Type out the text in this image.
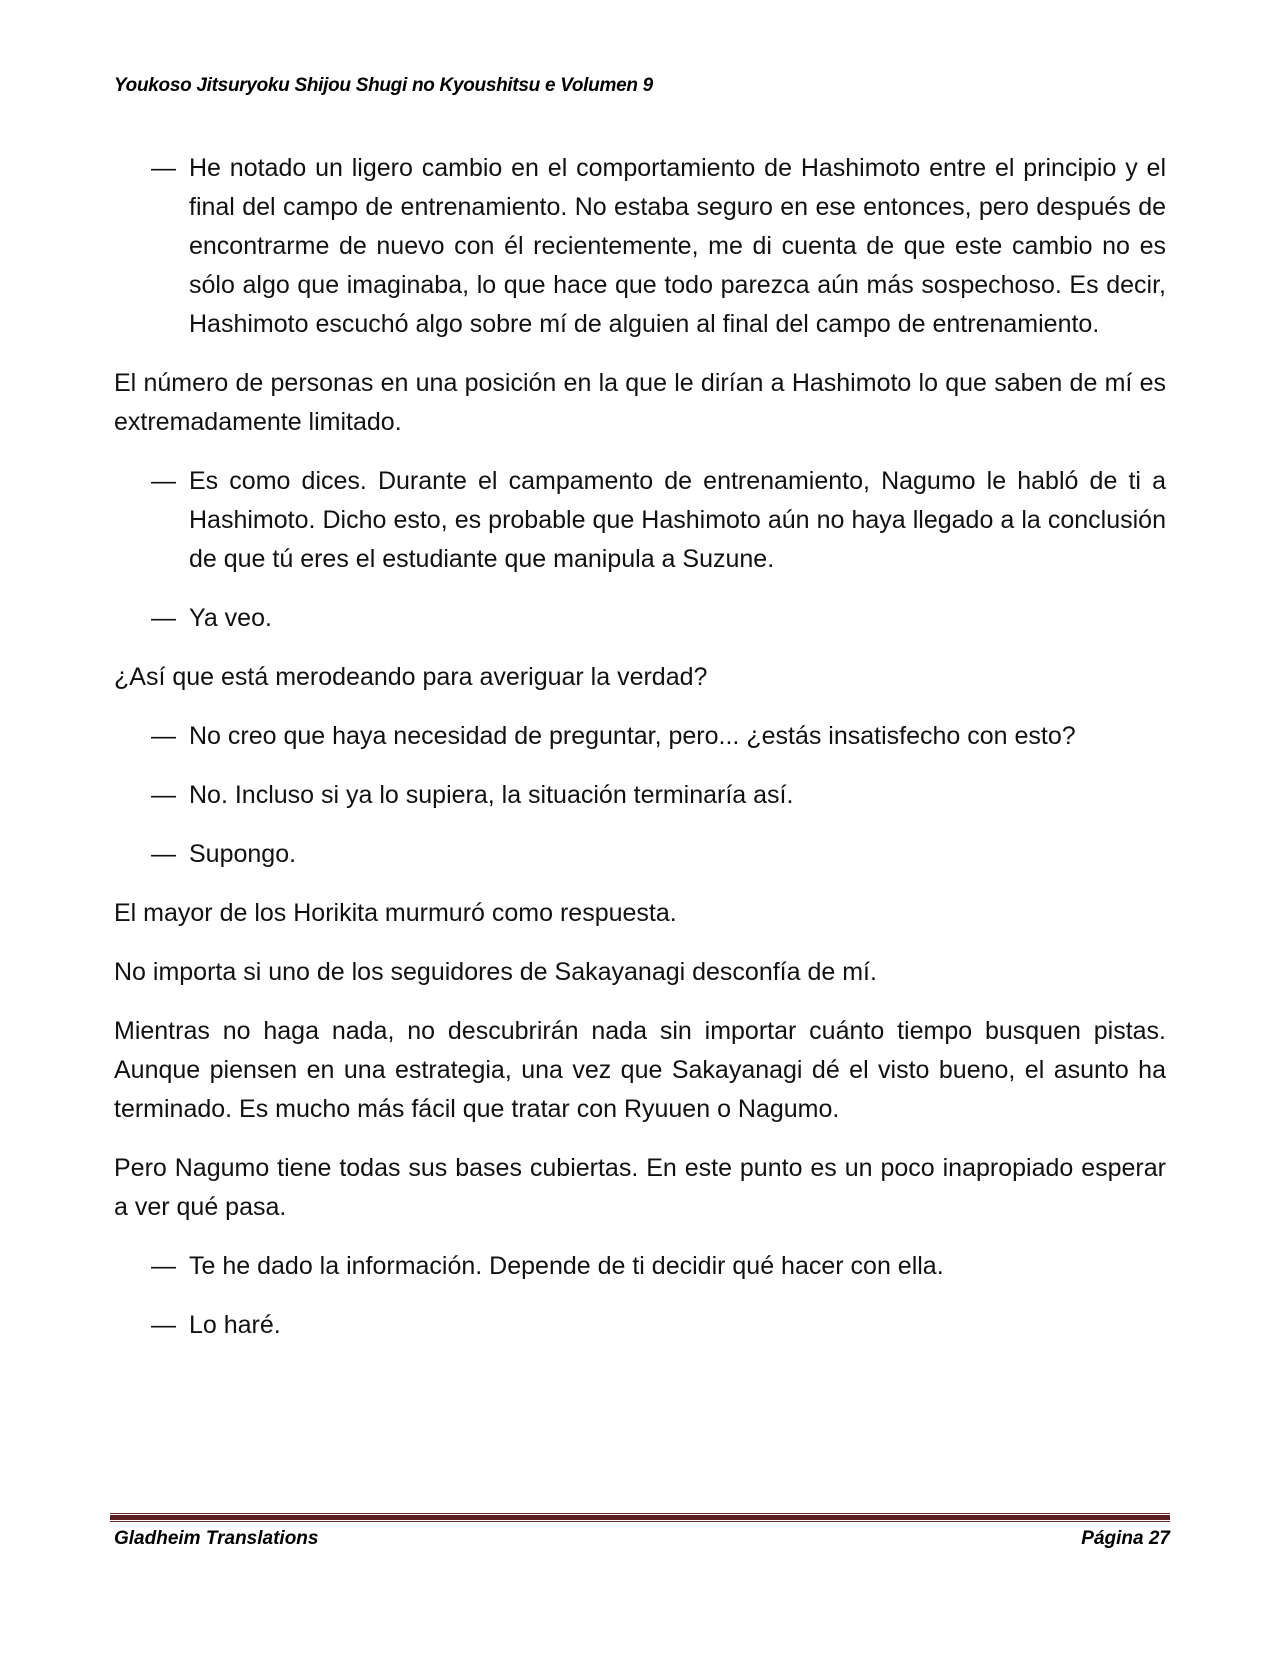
Youkoso Jitsuryoku Shijou Shugi no Kyoushitsu e Volumen 9

— He notado un ligero cambio en el comportamiento de Hashimoto entre el principio y el final del campo de entrenamiento. No estaba seguro en ese entonces, pero después de encontrarme de nuevo con él recientemente, me di cuenta de que este cambio no es sólo algo que imaginaba, lo que hace que todo parezca aún más sospechoso. Es decir, Hashimoto escuchó algo sobre mí de alguien al final del campo de entrenamiento.

El número de personas en una posición en la que le dirían a Hashimoto lo que saben de mí es extremadamente limitado.

— Es como dices. Durante el campamento de entrenamiento, Nagumo le habló de ti a Hashimoto. Dicho esto, es probable que Hashimoto aún no haya llegado a la conclusión de que tú eres el estudiante que manipula a Suzune.

— Ya veo.

¿Así que está merodeando para averiguar la verdad?

— No creo que haya necesidad de preguntar, pero... ¿estás insatisfecho con esto?

— No. Incluso si ya lo supiera, la situación terminaría así.

— Supongo.

El mayor de los Horikita murmuró como respuesta.

No importa si uno de los seguidores de Sakayanagi desconfía de mí.

Mientras no haga nada, no descubrirán nada sin importar cuánto tiempo busquen pistas. Aunque piensen en una estrategia, una vez que Sakayanagi dé el visto bueno, el asunto ha terminado. Es mucho más fácil que tratar con Ryuuen o Nagumo.

Pero Nagumo tiene todas sus bases cubiertas. En este punto es un poco inapropiado esperar a ver qué pasa.

— Te he dado la información. Depende de ti decidir qué hacer con ella.

— Lo haré.

Gladheim Translations	Página 27
